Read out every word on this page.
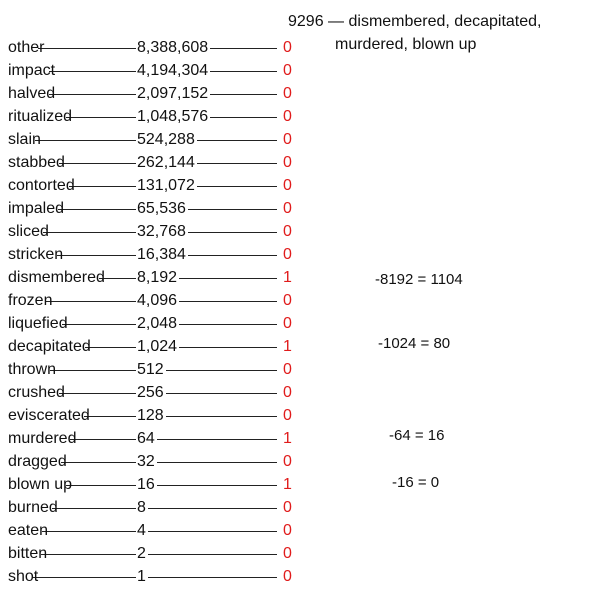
9296 — dismembered, decapitated,
murdered, blown up
other	8,388,608	0
impact	4,194,304	0
halved	2,097,152	0
ritualized	1,048,576	0
slain	524,288	0
stabbed	262,144	0
contorted	131,072	0
impaled	65,536	0
sliced	32,768	0
stricken	16,384	0
dismembered 8,192	1
frozen	4,096	0
liquefied	2,048	0
decapitated	1,024	1
thrown	512	0
crushed	256	0
eviscerated	128	0
murdered	64	1
dragged	32	0
blown up	16	1
burned	8	0
eaten	4	0
bitten	2	0
shot	1	0
-8192 = 1104
-1024 = 80
-64 = 16
-16 = 0
